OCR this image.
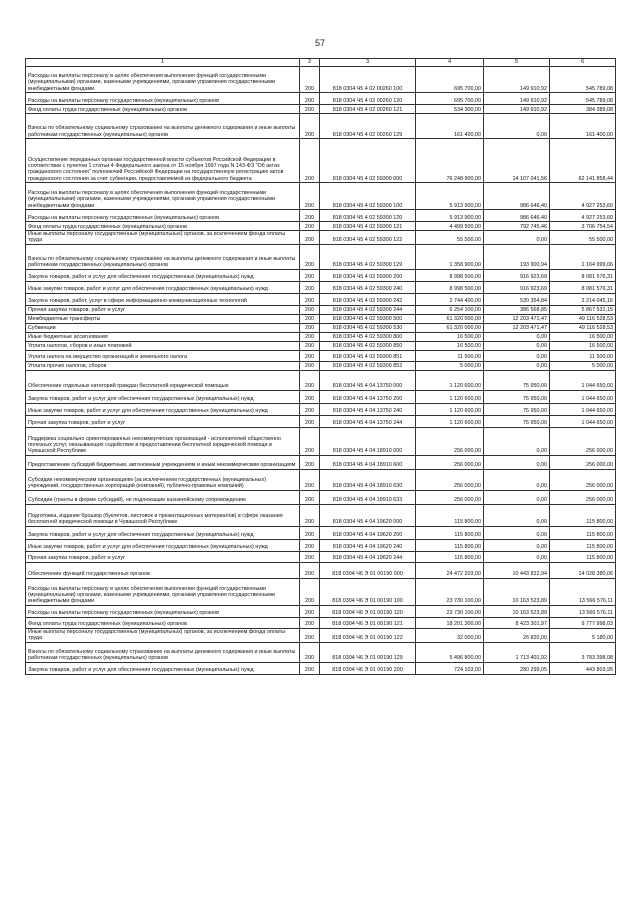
57
1	2	3	4	5	6
Расходы на выплаты персоналу в целях обеспечения выполнения функций государственными (муниципальными) органами, казенными учреждениями, органами управления государственными внебюджетными фондами	200	818 0304 Ч5 4 02 00260 100	695 700,00	149 910,92	545 789,08
Расходы на выплаты персоналу государственных (муниципальных) органов	200	818 0304 Ч5 4 02 00260 120	695 700,00	149 910,92	545 789,08
Фонд оплаты труда государственных (муниципальных) органов	200	818 0304 Ч5 4 02 00260 121	534 300,00	149 910,92	384 389,08
Взносы по обязательному социальному страхованию на выплаты денежного содержания и иные выплаты работникам государственных (муниципальных) органов	200	818 0304 Ч5 4 02 00260 129	161 400,00	0,00	161 400,00
Осуществление переданных органам государственной власти субъектов Российской Федерации в соответствии с пунктом 1 статьи 4 Федерального закона от 15 ноября 1997 года N 143-ФЗ "Об актах гражданского состояния" полномочий Российской Федерации на государственную регистрацию актов гражданского состояния за счет субвенции, предоставляемой из федерального бюджета	200	818 0304 Ч5 4 02 59300 000	76 248 900,00	14 107 041,56	62 141 858,44
Расходы на выплаты персоналу в целях обеспечения выполнения функций государственными (муниципальными) органами, казенными учреждениями, органами управления государственными внебюджетными фондами	200	818 0304 Ч5 4 02 59300 100	5 913 900,00	986 646,40	4 927 253,60
Расходы на выплаты персоналу государственных (муниципальных) органов	200	818 0304 Ч5 4 02 59300 120	5 913 900,00	986 646,40	4 927 253,60
Фонд оплаты труда государственных (муниципальных) органов	200	818 0304 Ч5 4 02 59300 121	4 499 500,00	792 745,46	3 706 754,54
Иные выплаты персоналу государственных (муниципальных) органов, за исключением фонда оплаты труда	200	818 0304 Ч5 4 02 59300 122	55 500,00	0,00	55 500,00
Взносы по обязательному социальному страхованию на выплаты денежного содержания и иные выплаты работникам государственных (муниципальных) органов	200	818 0304 Ч5 4 02 59300 129	1 358 900,00	193 900,94	1 164 999,06
Закупка товаров, работ и услуг для обеспечения государственных (муниципальных) нужд	200	818 0304 Ч5 4 02 59300 200	8 998 500,00	916 923,69	8 081 576,31
Иные закупки товаров, работ и услуг для обеспечения государственных (муниципальных) нужд	200	818 0304 Ч5 4 02 59300 240	8 998 500,00	916 923,69	8 081 576,31
Закупка товаров, работ, услуг в сфере информационно-коммуникационных технологий	200	818 0304 Ч5 4 02 59300 242	2 744 400,00	530 354,84	2 214 045,16
Прочая закупка товаров, работ и услуг	200	818 0304 Ч5 4 02 59300 244	6 254 100,00	386 568,85	5 867 531,15
Межбюджетные трансферты	200	818 0304 Ч5 4 02 59300 500	61 320 000,00	12 203 471,47	49 116 528,53
Субвенции	200	818 0304 Ч5 4 02 59300 530	61 320 000,00	12 203 471,47	49 116 528,53
Иные бюджетные ассигнования	200	818 0304 Ч5 4 02 59300 800	16 500,00	0,00	16 500,00
Уплата налогов, сборов и иных платежей	200	818 0304 Ч5 4 02 59300 850	16 500,00	0,00	16 500,00
Уплата налога на имущество организаций и земельного налога	200	818 0304 Ч5 4 02 59300 851	11 500,00	0,00	11 500,00
Уплата прочих налогов, сборов	200	818 0304 Ч5 4 02 59300 852	5 000,00	0,00	5 000,00
Обеспечение отдельных категорий граждан бесплатной юридической помощью	200	818 0304 Ч5 4 04 13750 000	1 120 600,00	75 950,00	1 044 650,00
Закупка товаров, работ и услуг для обеспечения государственных (муниципальных) нужд	200	818 0304 Ч5 4 04 13750 200	1 120 600,00	75 950,00	1 044 650,00
Иные закупки товаров, работ и услуг для обеспечения государственных (муниципальных) нужд	200	818 0304 Ч5 4 04 13750 240	1 120 600,00	75 950,00	1 044 650,00
Прочая закупка товаров, работ и услуг	200	818 0304 Ч5 4 04 13750 244	1 120 600,00	75 950,00	1 044 650,00
Поддержка социально ориентированных некоммерческих организаций - исполнителей общественно полезных услуг, оказывающих содействие в предоставлении бесплатной юридической помощи в Чувашской Республике	200	818 0304 Ч5 4 04 18910 000	256 000,00	0,00	256 000,00
Предоставление субсидий бюджетным, автономным учреждениям и иным некоммерческим организациям	200	818 0304 Ч5 4 04 18910 600	256 000,00	0,00	256 000,00
Субсидии некоммерческим организациям (за исключением государственных (муниципальных) учреждений, государственных корпораций (компаний), публично-правовых компаний)	200	818 0304 Ч5 4 04 18910 630	256 000,00	0,00	256 000,00
Субсидии (гранты в форме субсидий), не подлежащие казначейскому сопровождению	200	818 0304 Ч5 4 04 18910 633	256 000,00	0,00	256 000,00
Подготовка, издание брошюр (буклетов, листовок и презентационных материалов) в сфере оказания бесплатной юридической помощи в Чувашской Республике	200	818 0304 Ч5 4 04 19620 000	115 800,00	0,00	115 800,00
Закупка товаров, работ и услуг для обеспечения государственных (муниципальных) нужд	200	818 0304 Ч5 4 04 19620 200	115 800,00	0,00	115 800,00
Иные закупки товаров, работ и услуг для обеспечения государственных (муниципальных) нужд	200	818 0304 Ч5 4 04 19620 240	115 800,00	0,00	115 800,00
Прочая закупка товаров, работ и услуг	200	818 0304 Ч5 4 04 19620 244	115 800,00	0,00	115 800,00
Обеспечение функций государственных органов	200	818 0304 Ч6 Э 01 00190 000	24 472 203,00	10 443 822,94	14 028 380,06
Расходы на выплаты персоналу в целях обеспечения выполнения функций государственными (муниципальными) органами, казенными учреждениями, органами управления государственными внебюджетными фондами	200	818 0304 Ч6 Э 01 00190 100	23 730 100,00	10 163 523,89	13 566 576,11
Расходы на выплаты персоналу государственных (муниципальных) органов	200	818 0304 Ч6 Э 01 00190 120	23 730 100,00	10 163 523,89	13 566 576,11
Фонд оплаты труда государственных (муниципальных) органов	200	818 0304 Ч6 Э 01 00190 121	18 201 300,00	8 423 301,97	9 777 998,03
Иные выплаты персоналу государственных (муниципальных) органов, за исключением фонда оплаты труда	200	818 0304 Ч6 Э 01 00190 122	32 000,00	26 820,00	5 180,00
Взносы по обязательному социальному страхованию на выплаты денежного содержания и иные выплаты работникам государственных (муниципальных) органов	200	818 0304 Ч6 Э 01 00190 129	5 496 800,00	1 713 401,92	3 783 398,08
Закупка товаров, работ и услуг для обеспечения государственных (муниципальных) нужд	200	818 0304 Ч6 Э 01 00190 200	724 103,00	280 299,05	443 803,95
